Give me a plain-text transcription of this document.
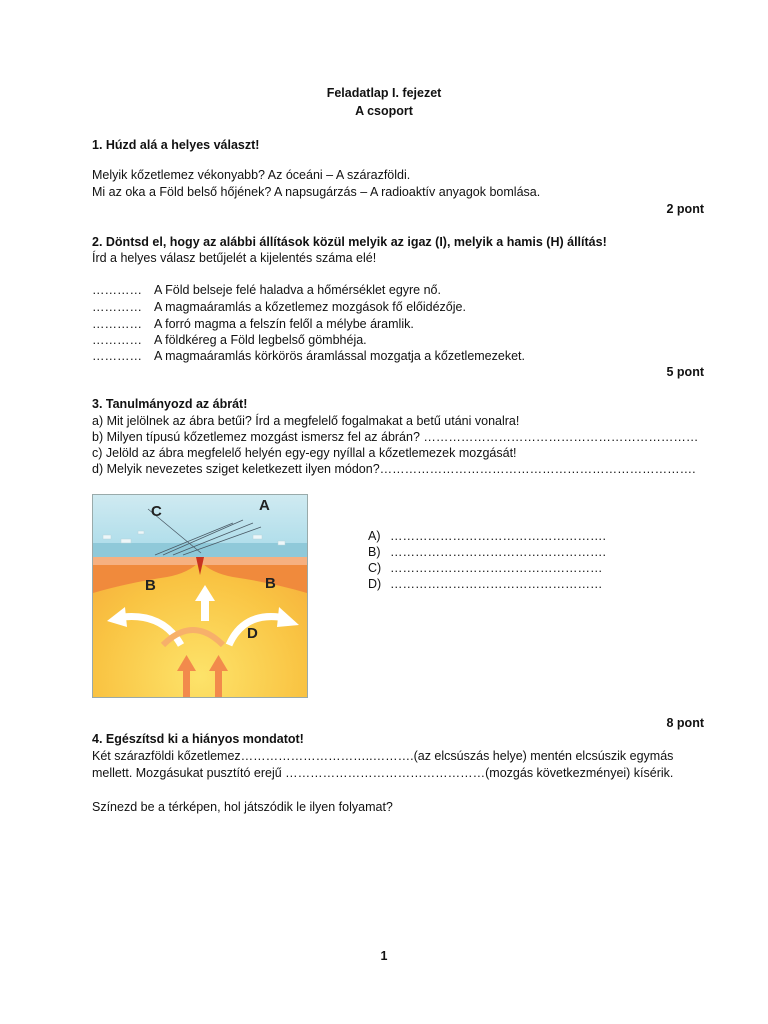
Feladatlap I. fejezet
A csoport
1. Húzd alá a helyes választ!
Melyik kőzetlemez vékonyabb? Az óceáni – A szárazföldi.
Mi az oka a Föld belső hőjének? A napsugárzás – A radioaktív anyagok bomlása.
2 pont
2. Döntsd el, hogy az alábbi állítások közül melyik az igaz (I), melyik a hamis (H) állítás!
Írd a helyes válasz betűjelét a kijelentés száma elé!
………… A Föld belseje felé haladva a hőmérséklet egyre nő.
………… A magmaáramlás a kőzetlemez mozgások fő előidézője.
………… A forró magma a felszín felől a mélybe áramlik.
………… A földkéreg a Föld legbelső gömbhéja.
………… A magmaáramlás körkörös áramlással mozgatja a kőzetlemezeket.
5 pont
3. Tanulmányozd az ábrát!
a) Mit jelölnek az ábra betűi? Írd a megfelelő fogalmakat a betű utáni vonalra!
b) Milyen típusú kőzetlemez mozgást ismersz fel az ábrán? …………………………………………………………
c) Jelöld az ábra megfelelő helyén egy-egy nyíllal a kőzetlemezek mozgását!
d) Melyik nevezetes sziget keletkezett ilyen módon?………………………………………………………………….
C	A
B	B
D
A) …………………………………………….
B) …………………………………………….
C) ……………………………………………
D) ……………………………………………
8 pont
4. Egészítsd ki a hiányos mondatot!
Két szárazföldi kőzetlemez…………………………..……….(az elcsúszás helye) mentén elcsúszik egymás
mellett. Mozgásukat pusztító erejű …………………………………………(mozgás következményei) kísérik.
Színezd be a térképen, hol játszódik le ilyen folyamat?
1
